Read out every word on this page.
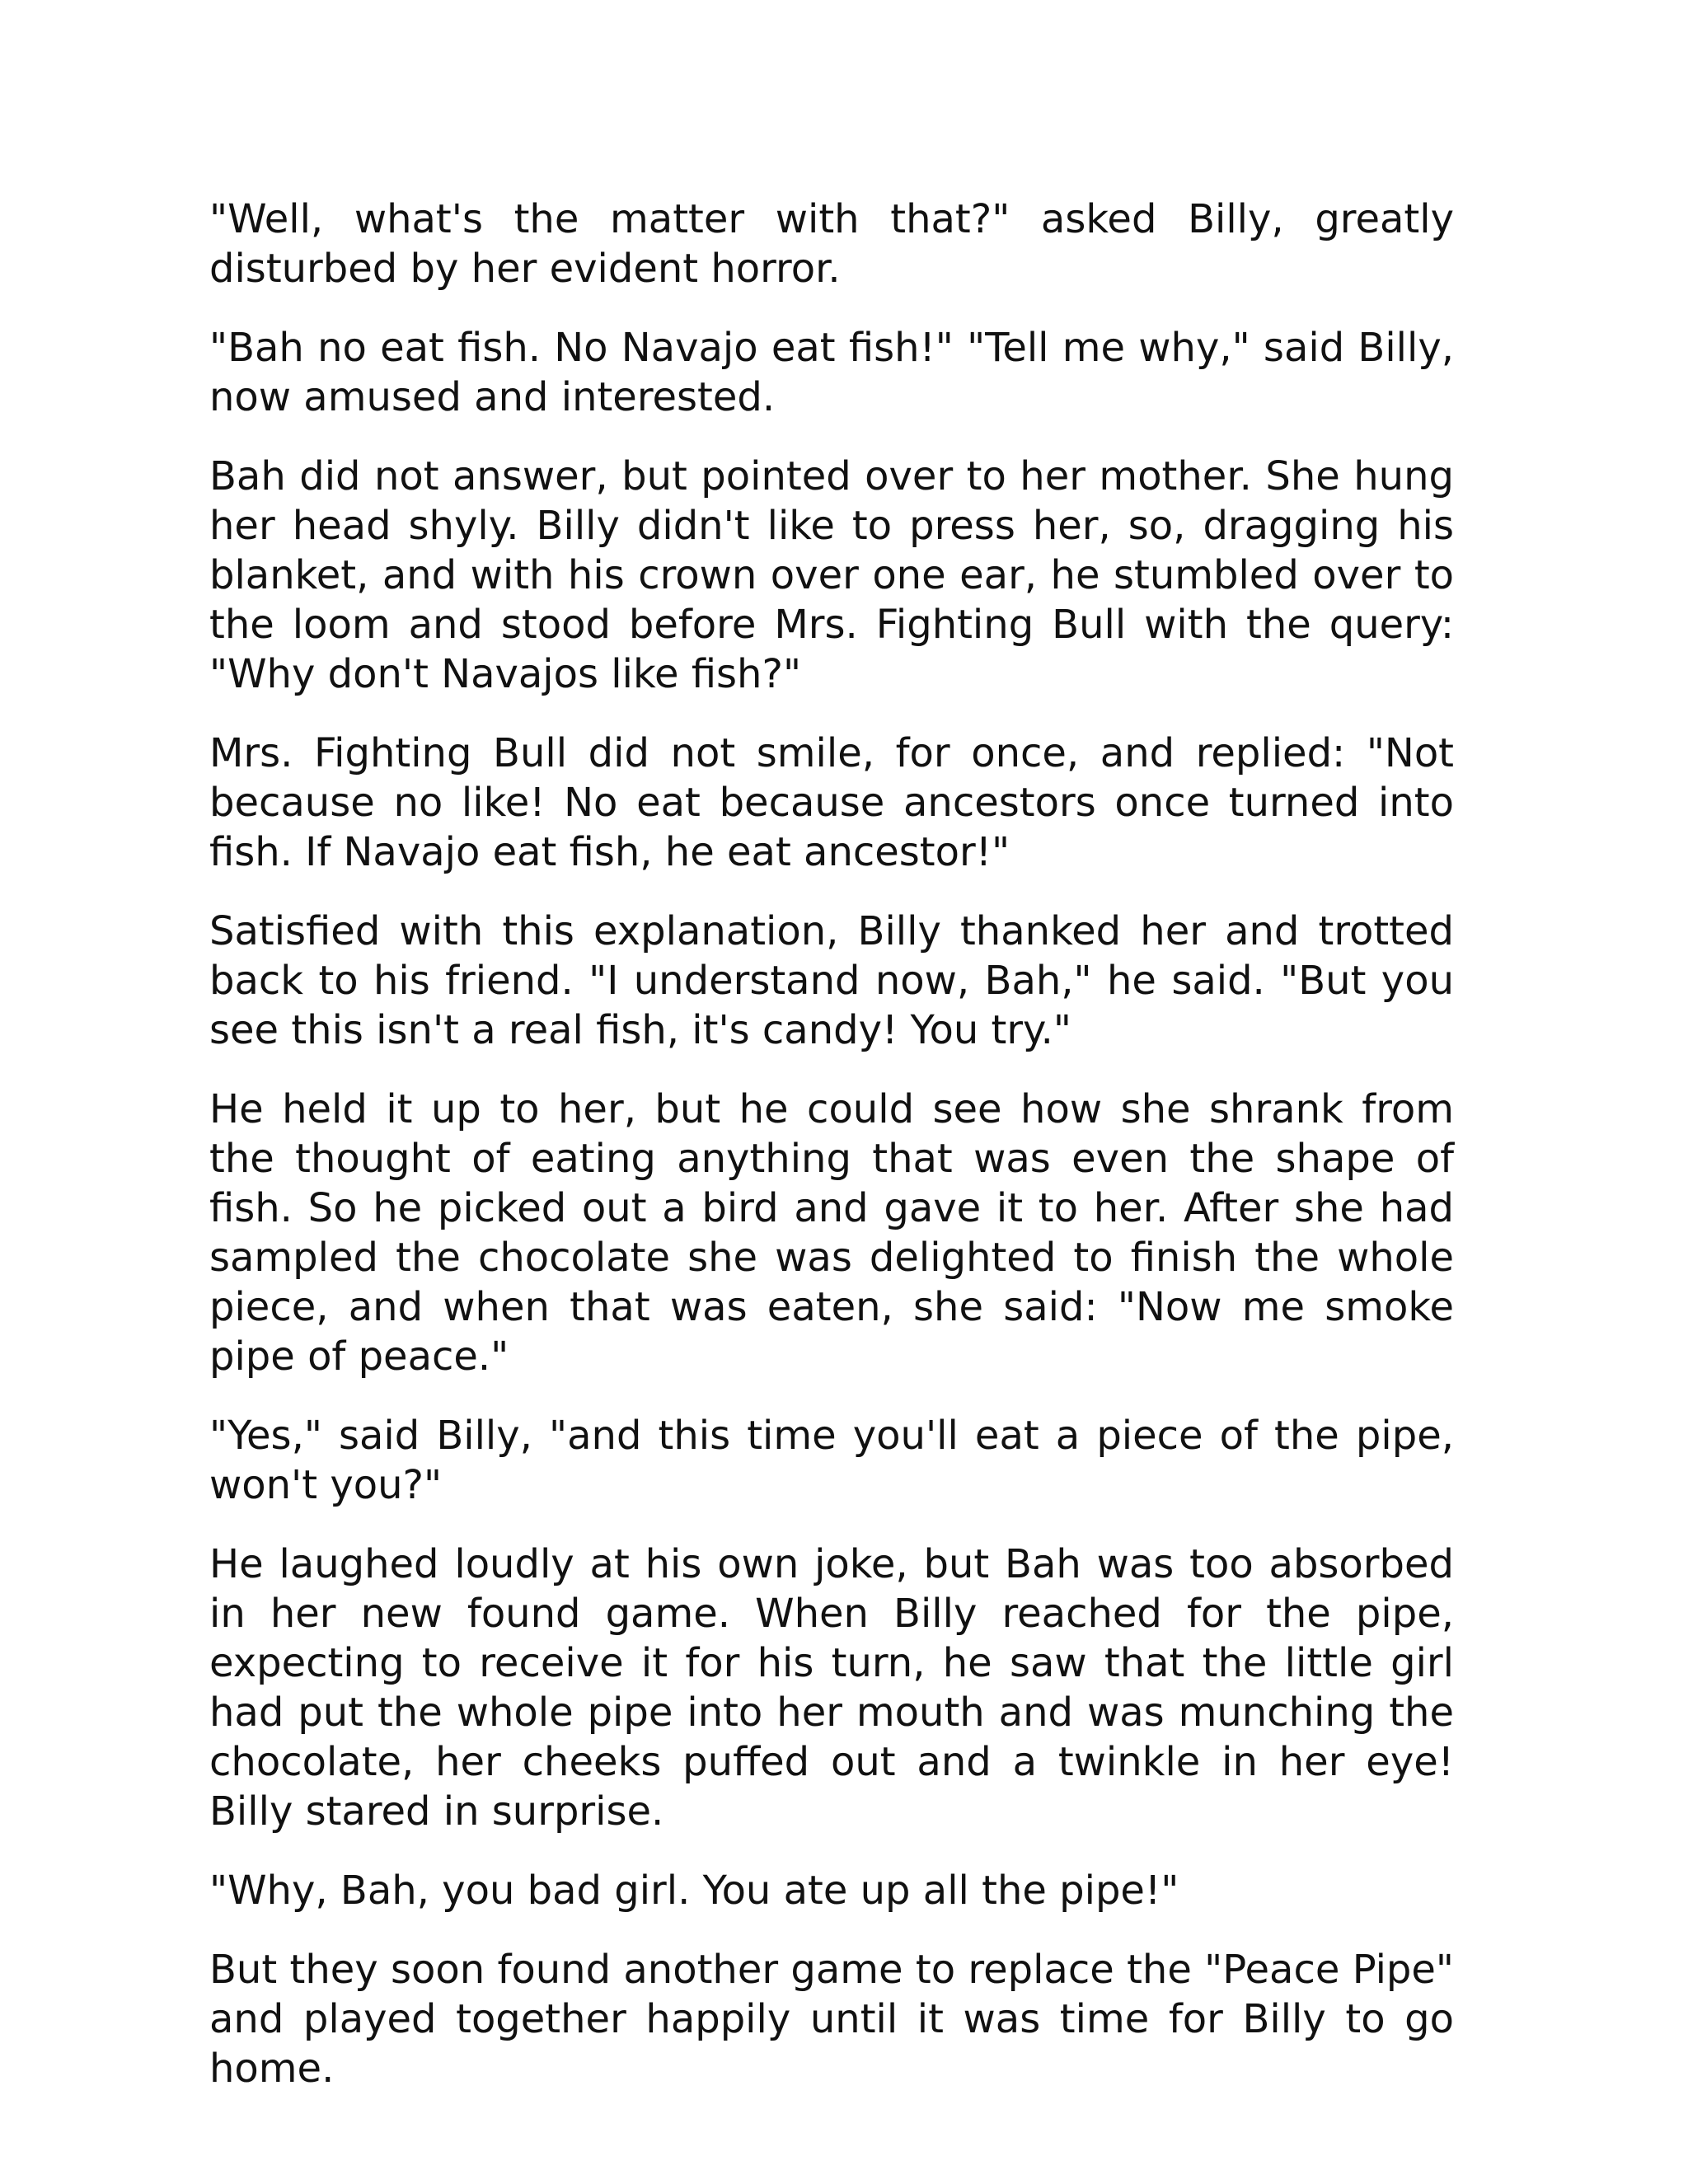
"Well, what's the matter with that?" asked Billy, greatly disturbed by her evident horror.

"Bah no eat fish. No Navajo eat fish!" "Tell me why," said Billy, now amused and interested.

Bah did not answer, but pointed over to her mother. She hung her head shyly. Billy didn't like to press her, so, dragging his blanket, and with his crown over one ear, he stumbled over to the loom and stood before Mrs. Fighting Bull with the query: "Why don't Navajos like fish?"

Mrs. Fighting Bull did not smile, for once, and replied: "Not because no like! No eat because ancestors once turned into fish. If Navajo eat fish, he eat ancestor!"

Satisfied with this explanation, Billy thanked her and trotted back to his friend. "I understand now, Bah," he said. "But you see this isn't a real fish, it's candy! You try."

He held it up to her, but he could see how she shrank from the thought of eating anything that was even the shape of fish. So he picked out a bird and gave it to her. After she had sampled the chocolate she was delighted to finish the whole piece, and when that was eaten, she said: "Now me smoke pipe of peace."

"Yes," said Billy, "and this time you'll eat a piece of the pipe, won't you?"

He laughed loudly at his own joke, but Bah was too absorbed in her new found game. When Billy reached for the pipe, expecting to receive it for his turn, he saw that the little girl had put the whole pipe into her mouth and was munching the chocolate, her cheeks puffed out and a twinkle in her eye! Billy stared in surprise.

"Why, Bah, you bad girl. You ate up all the pipe!"

But they soon found another game to replace the "Peace Pipe" and played together happily until it was time for Billy to go home.
